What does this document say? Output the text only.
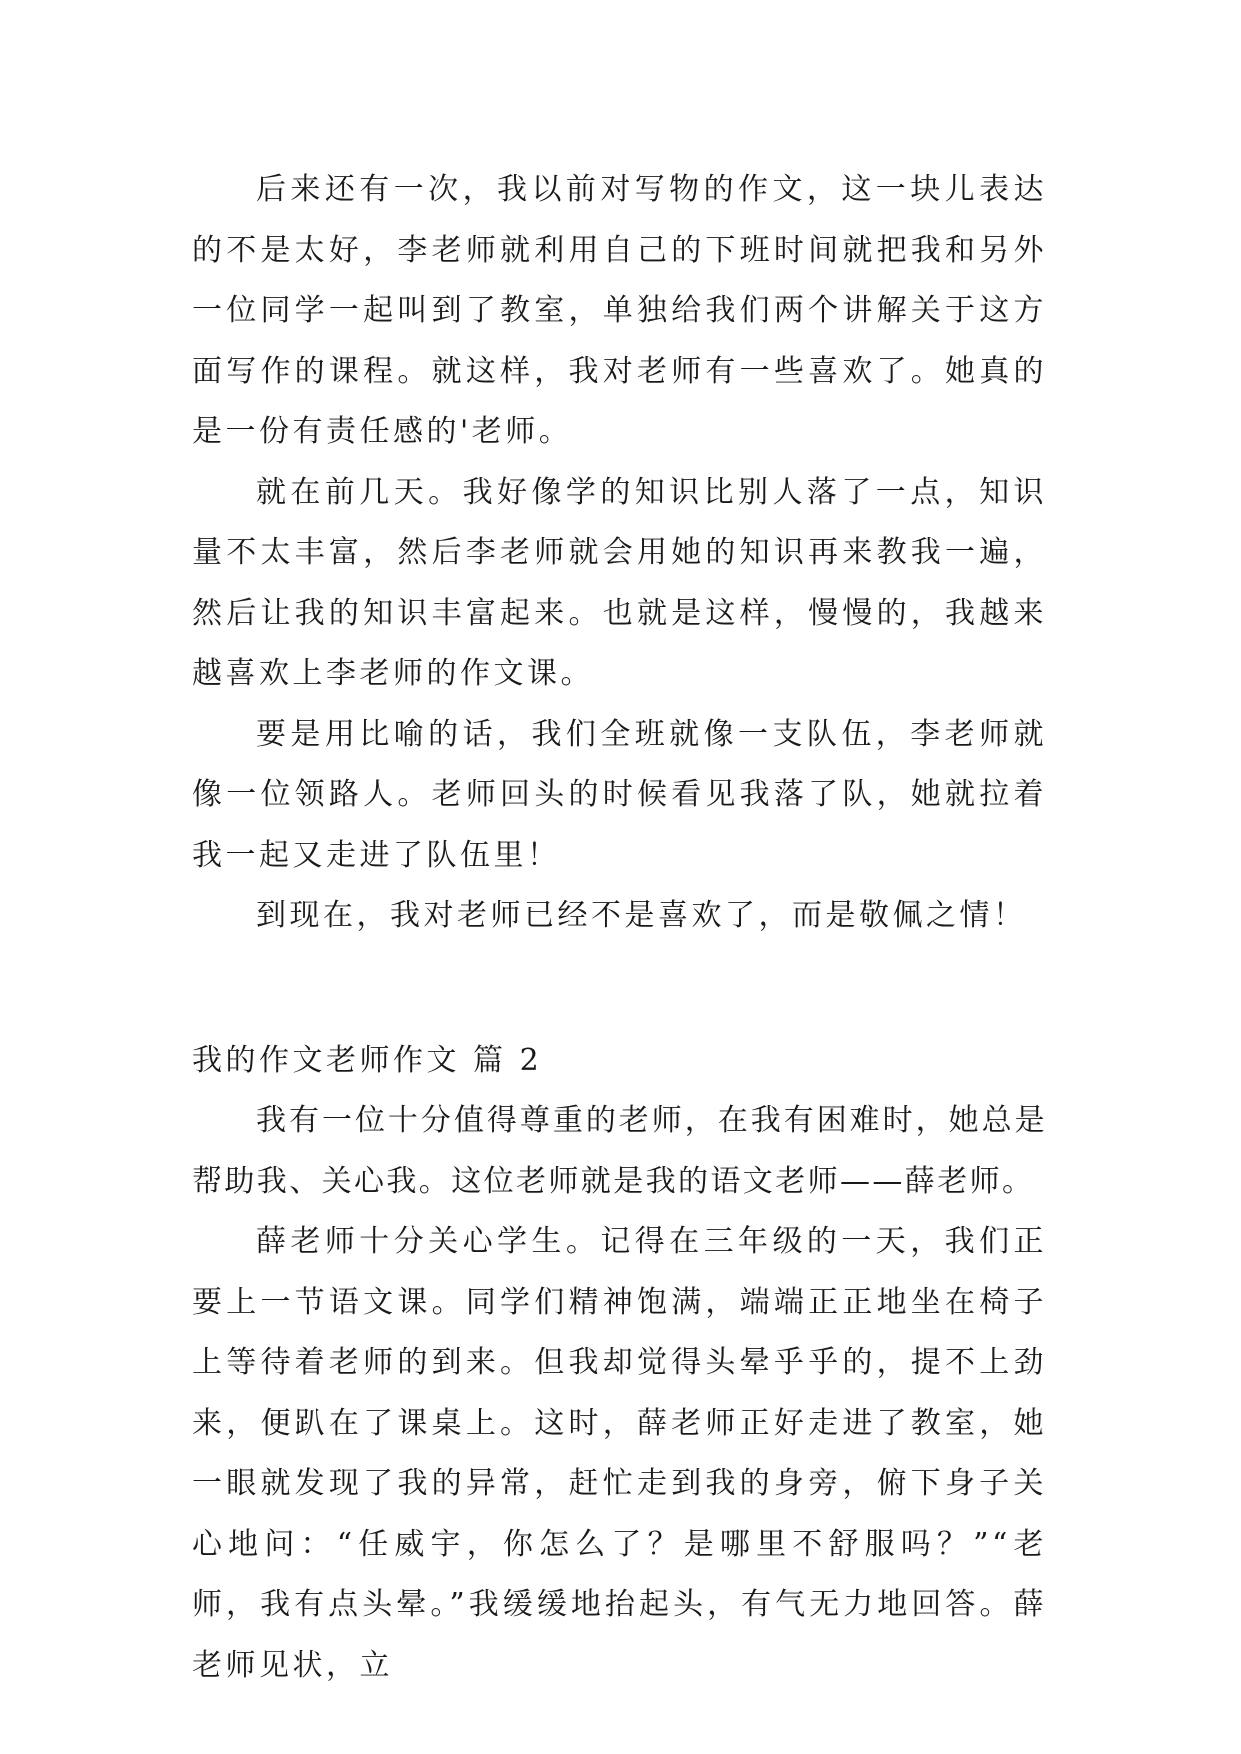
后来还有一次，我以前对写物的作文，这一块儿表达的不是太好，李老师就利用自己的下班时间就把我和另外一位同学一起叫到了教室，单独给我们两个讲解关于这方面写作的课程。就这样，我对老师有一些喜欢了。她真的是一份有责任感的'老师。

就在前几天。我好像学的知识比别人落了一点，知识量不太丰富，然后李老师就会用她的知识再来教我一遍，然后让我的知识丰富起来。也就是这样，慢慢的，我越来越喜欢上李老师的作文课。

要是用比喻的话，我们全班就像一支队伍，李老师就像一位领路人。老师回头的时候看见我落了队，她就拉着我一起又走进了队伍里！

到现在，我对老师已经不是喜欢了，而是敬佩之情！

我的作文老师作文 篇 2

我有一位十分值得尊重的老师，在我有困难时，她总是帮助我、关心我。这位老师就是我的语文老师——薛老师。

薛老师十分关心学生。记得在三年级的一天，我们正要上一节语文课。同学们精神饱满，端端正正地坐在椅子上等待着老师的到来。但我却觉得头晕乎乎的，提不上劲来，便趴在了课桌上。这时，薛老师正好走进了教室，她一眼就发现了我的异常，赶忙走到我的身旁，俯下身子关心地问：“任威宇，你怎么了？是哪里不舒服吗？”“老师，我有点头晕。”我缓缓地抬起头，有气无力地回答。薛老师见状，立
